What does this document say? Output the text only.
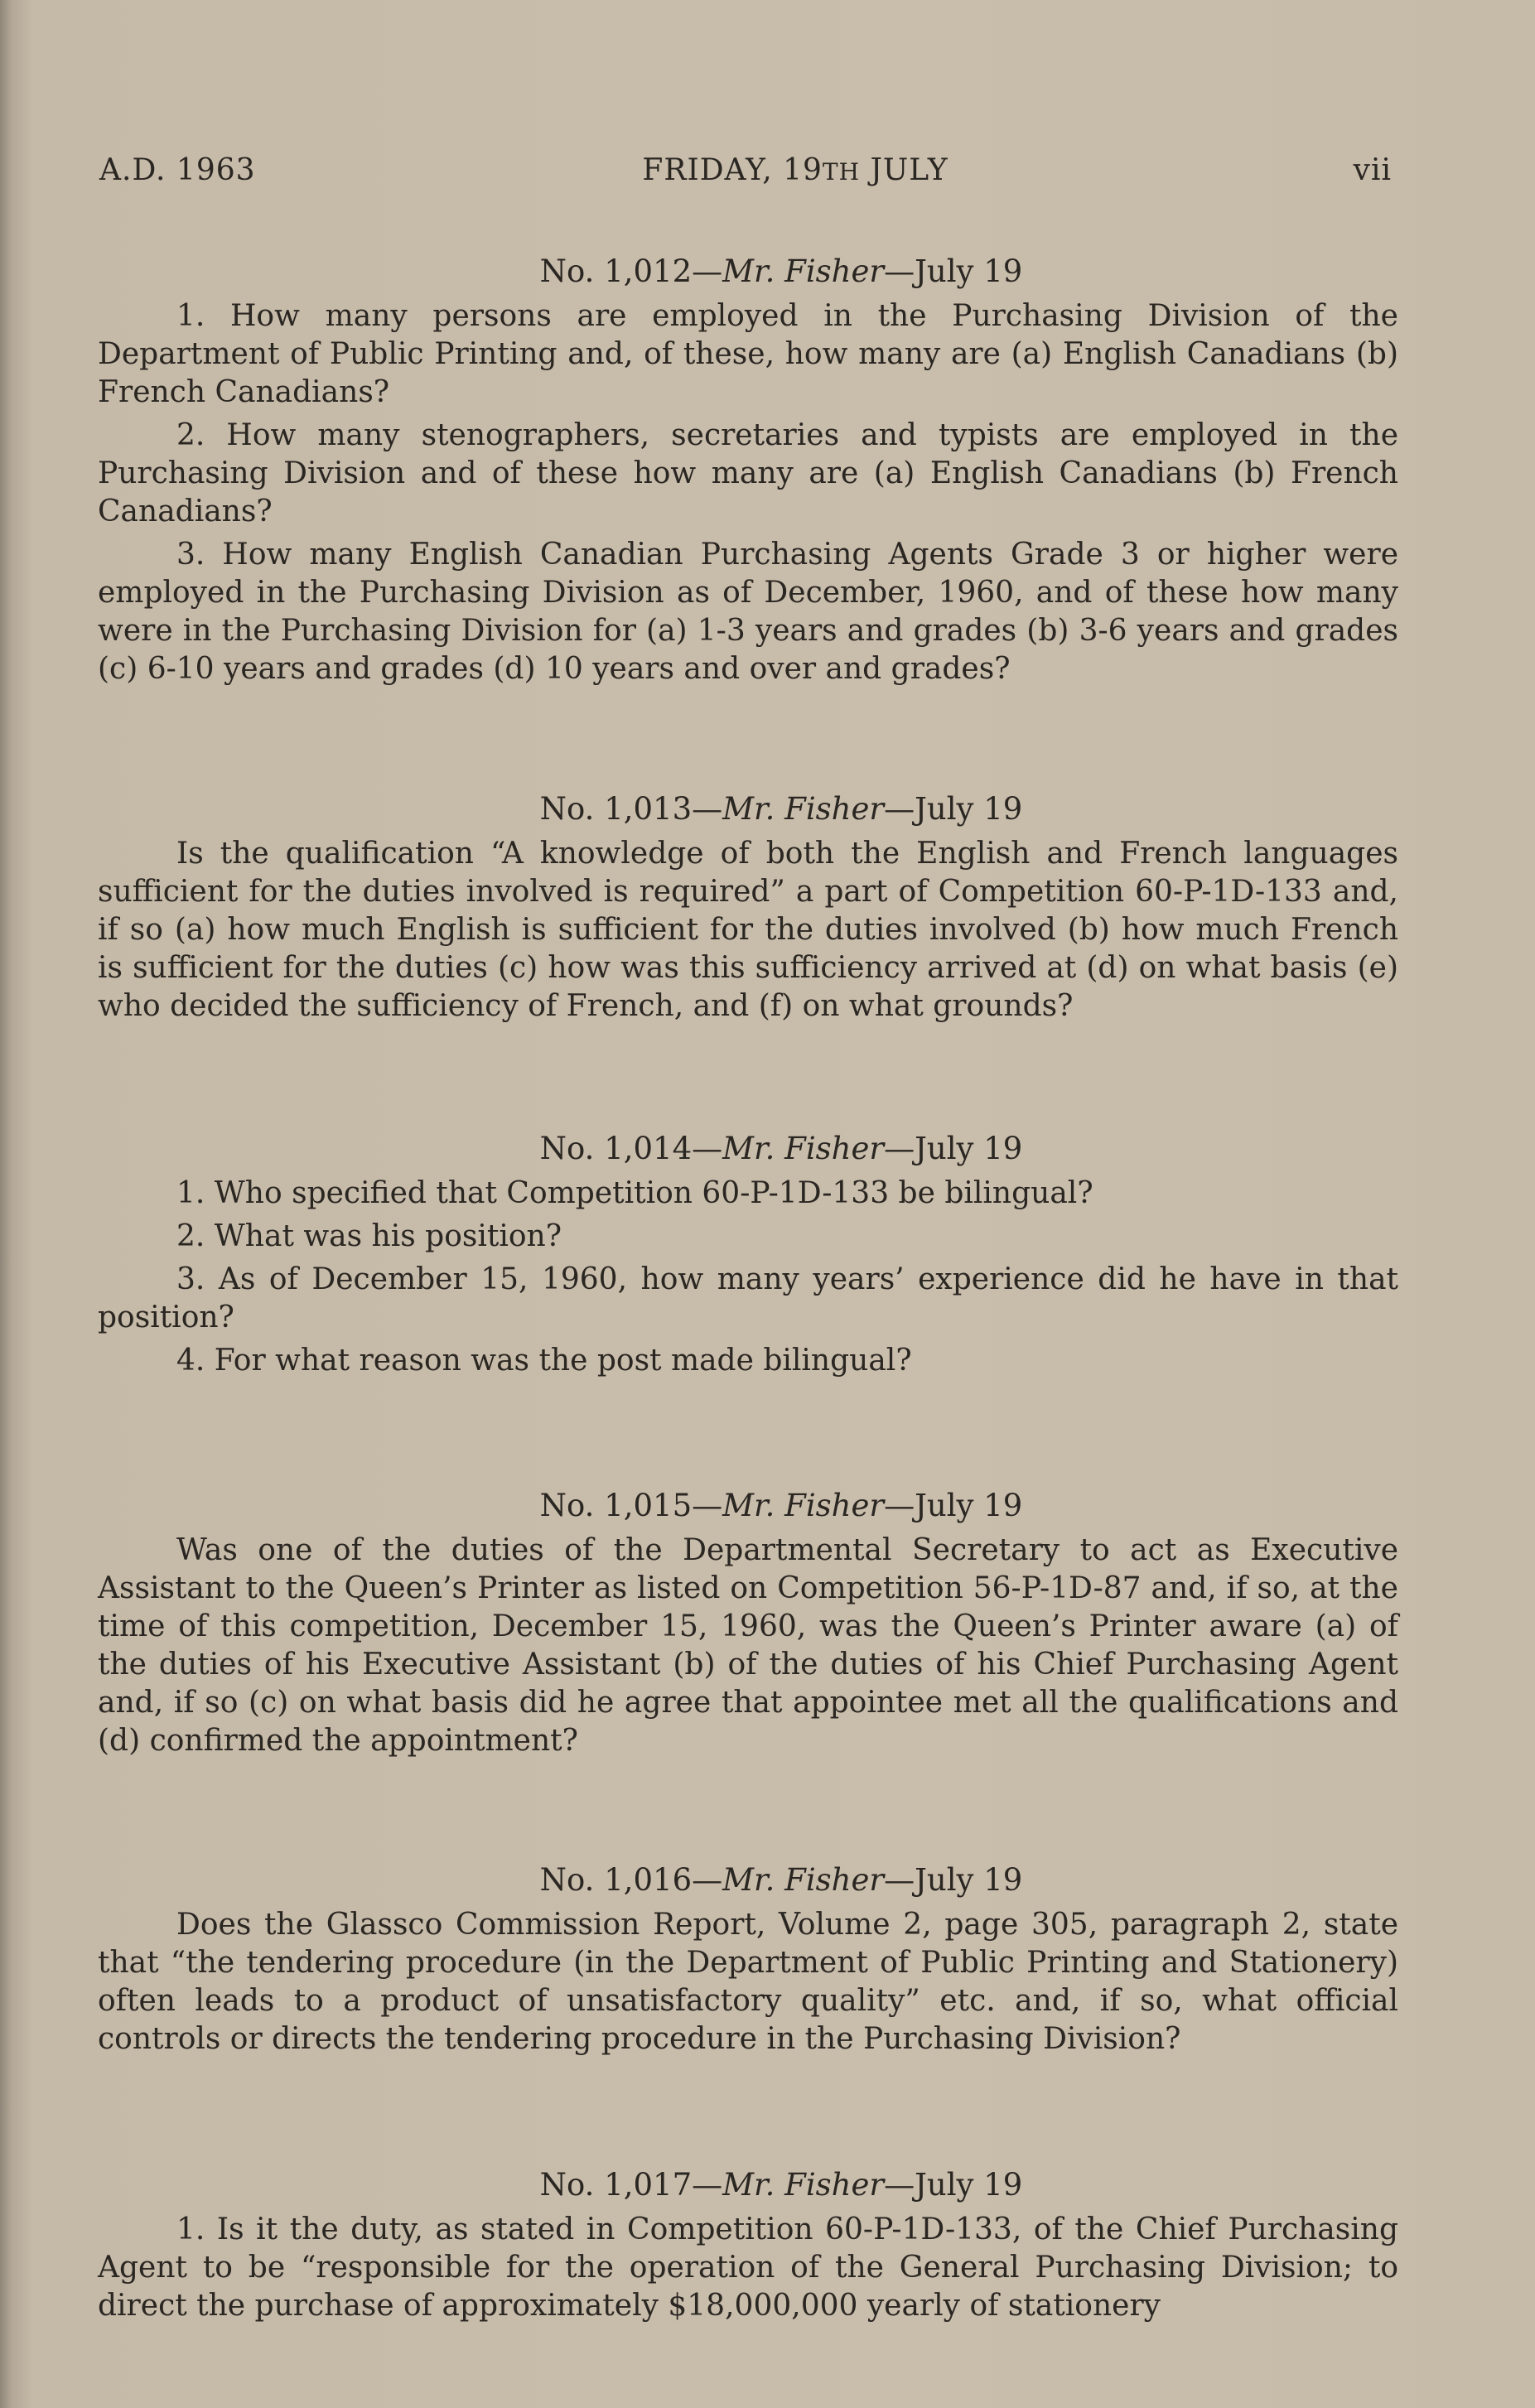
A.D. 1963	FRIDAY, 19TH JULY	vii
No. 1,012—Mr. Fisher—July 19

1. How many persons are employed in the Purchasing Division of the Department of Public Printing and, of these, how many are (a) English Canadians (b) French Canadians?

2. How many stenographers, secretaries and typists are employed in the Purchasing Division and of these how many are (a) English Canadians (b) French Canadians?

3. How many English Canadian Purchasing Agents Grade 3 or higher were employed in the Purchasing Division as of December, 1960, and of these how many were in the Purchasing Division for (a) 1-3 years and grades (b) 3-6 years and grades (c) 6-10 years and grades (d) 10 years and over and grades?

No. 1,013—Mr. Fisher—July 19

Is the qualification “A knowledge of both the English and French languages sufficient for the duties involved is required” a part of Competition 60-P-1D-133 and, if so (a) how much English is sufficient for the duties involved (b) how much French is sufficient for the duties (c) how was this sufficiency arrived at (d) on what basis (e) who decided the sufficiency of French, and (f) on what grounds?

No. 1,014—Mr. Fisher—July 19

1. Who specified that Competition 60-P-1D-133 be bilingual?

2. What was his position?

3. As of December 15, 1960, how many years’ experience did he have in that position?

4. For what reason was the post made bilingual?

No. 1,015—Mr. Fisher—July 19

Was one of the duties of the Departmental Secretary to act as Executive Assistant to the Queen’s Printer as listed on Competition 56-P-1D-87 and, if so, at the time of this competition, December 15, 1960, was the Queen’s Printer aware (a) of the duties of his Executive Assistant (b) of the duties of his Chief Purchasing Agent and, if so (c) on what basis did he agree that appointee met all the qualifications and (d) confirmed the appointment?

No. 1,016—Mr. Fisher—July 19

Does the Glassco Commission Report, Volume 2, page 305, paragraph 2, state that “the tendering procedure (in the Department of Public Printing and Stationery) often leads to a product of unsatisfactory quality” etc. and, if so, what official controls or directs the tendering procedure in the Purchasing Division?

No. 1,017—Mr. Fisher—July 19

1. Is it the duty, as stated in Competition 60-P-1D-133, of the Chief Purchasing Agent to be “responsible for the operation of the General Purchasing Division; to direct the purchase of approximately $18,000,000 yearly of stationery
